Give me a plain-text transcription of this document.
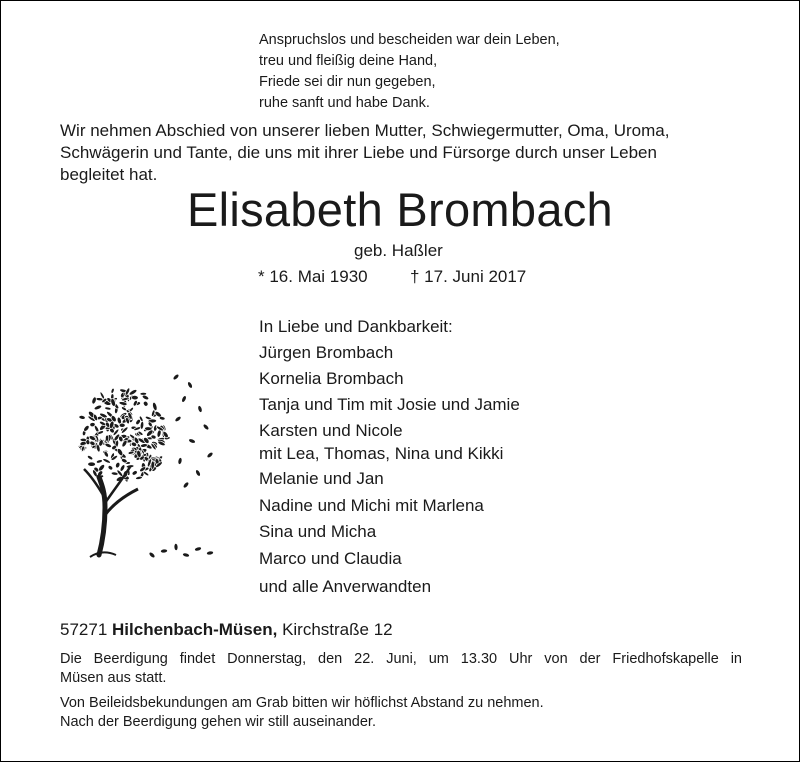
Anspruchslos und bescheiden war dein Leben,
treu und fleißig deine Hand,
Friede sei dir nun gegeben,
ruhe sanft und habe Dank.
Wir nehmen Abschied von unserer lieben Mutter, Schwiegermutter, Oma, Uroma,
Schwägerin und Tante, die uns mit ihrer Liebe und Fürsorge durch unser Leben
begleitet hat.
Elisabeth Brombach
geb. Haßler
* 16. Mai 1930 † 17. Juni 2017
In Liebe und Dankbarkeit:
Jürgen Brombach
Kornelia Brombach
Tanja und Tim mit Josie und Jamie
Karsten und Nicole
mit Lea, Thomas, Nina und Kikki
Melanie und Jan
Nadine und Michi mit Marlena
Sina und Micha
Marco und Claudia
und alle Anverwandten
57271 Hilchenbach-Müsen, Kirchstraße 12
Die Beerdigung findet Donnerstag, den 22. Juni, um 13.30 Uhr von der Friedhofskapelle in
Müsen aus statt.
Von Beileidsbekundungen am Grab bitten wir höflichst Abstand zu nehmen.
Nach der Beerdigung gehen wir still auseinander.
